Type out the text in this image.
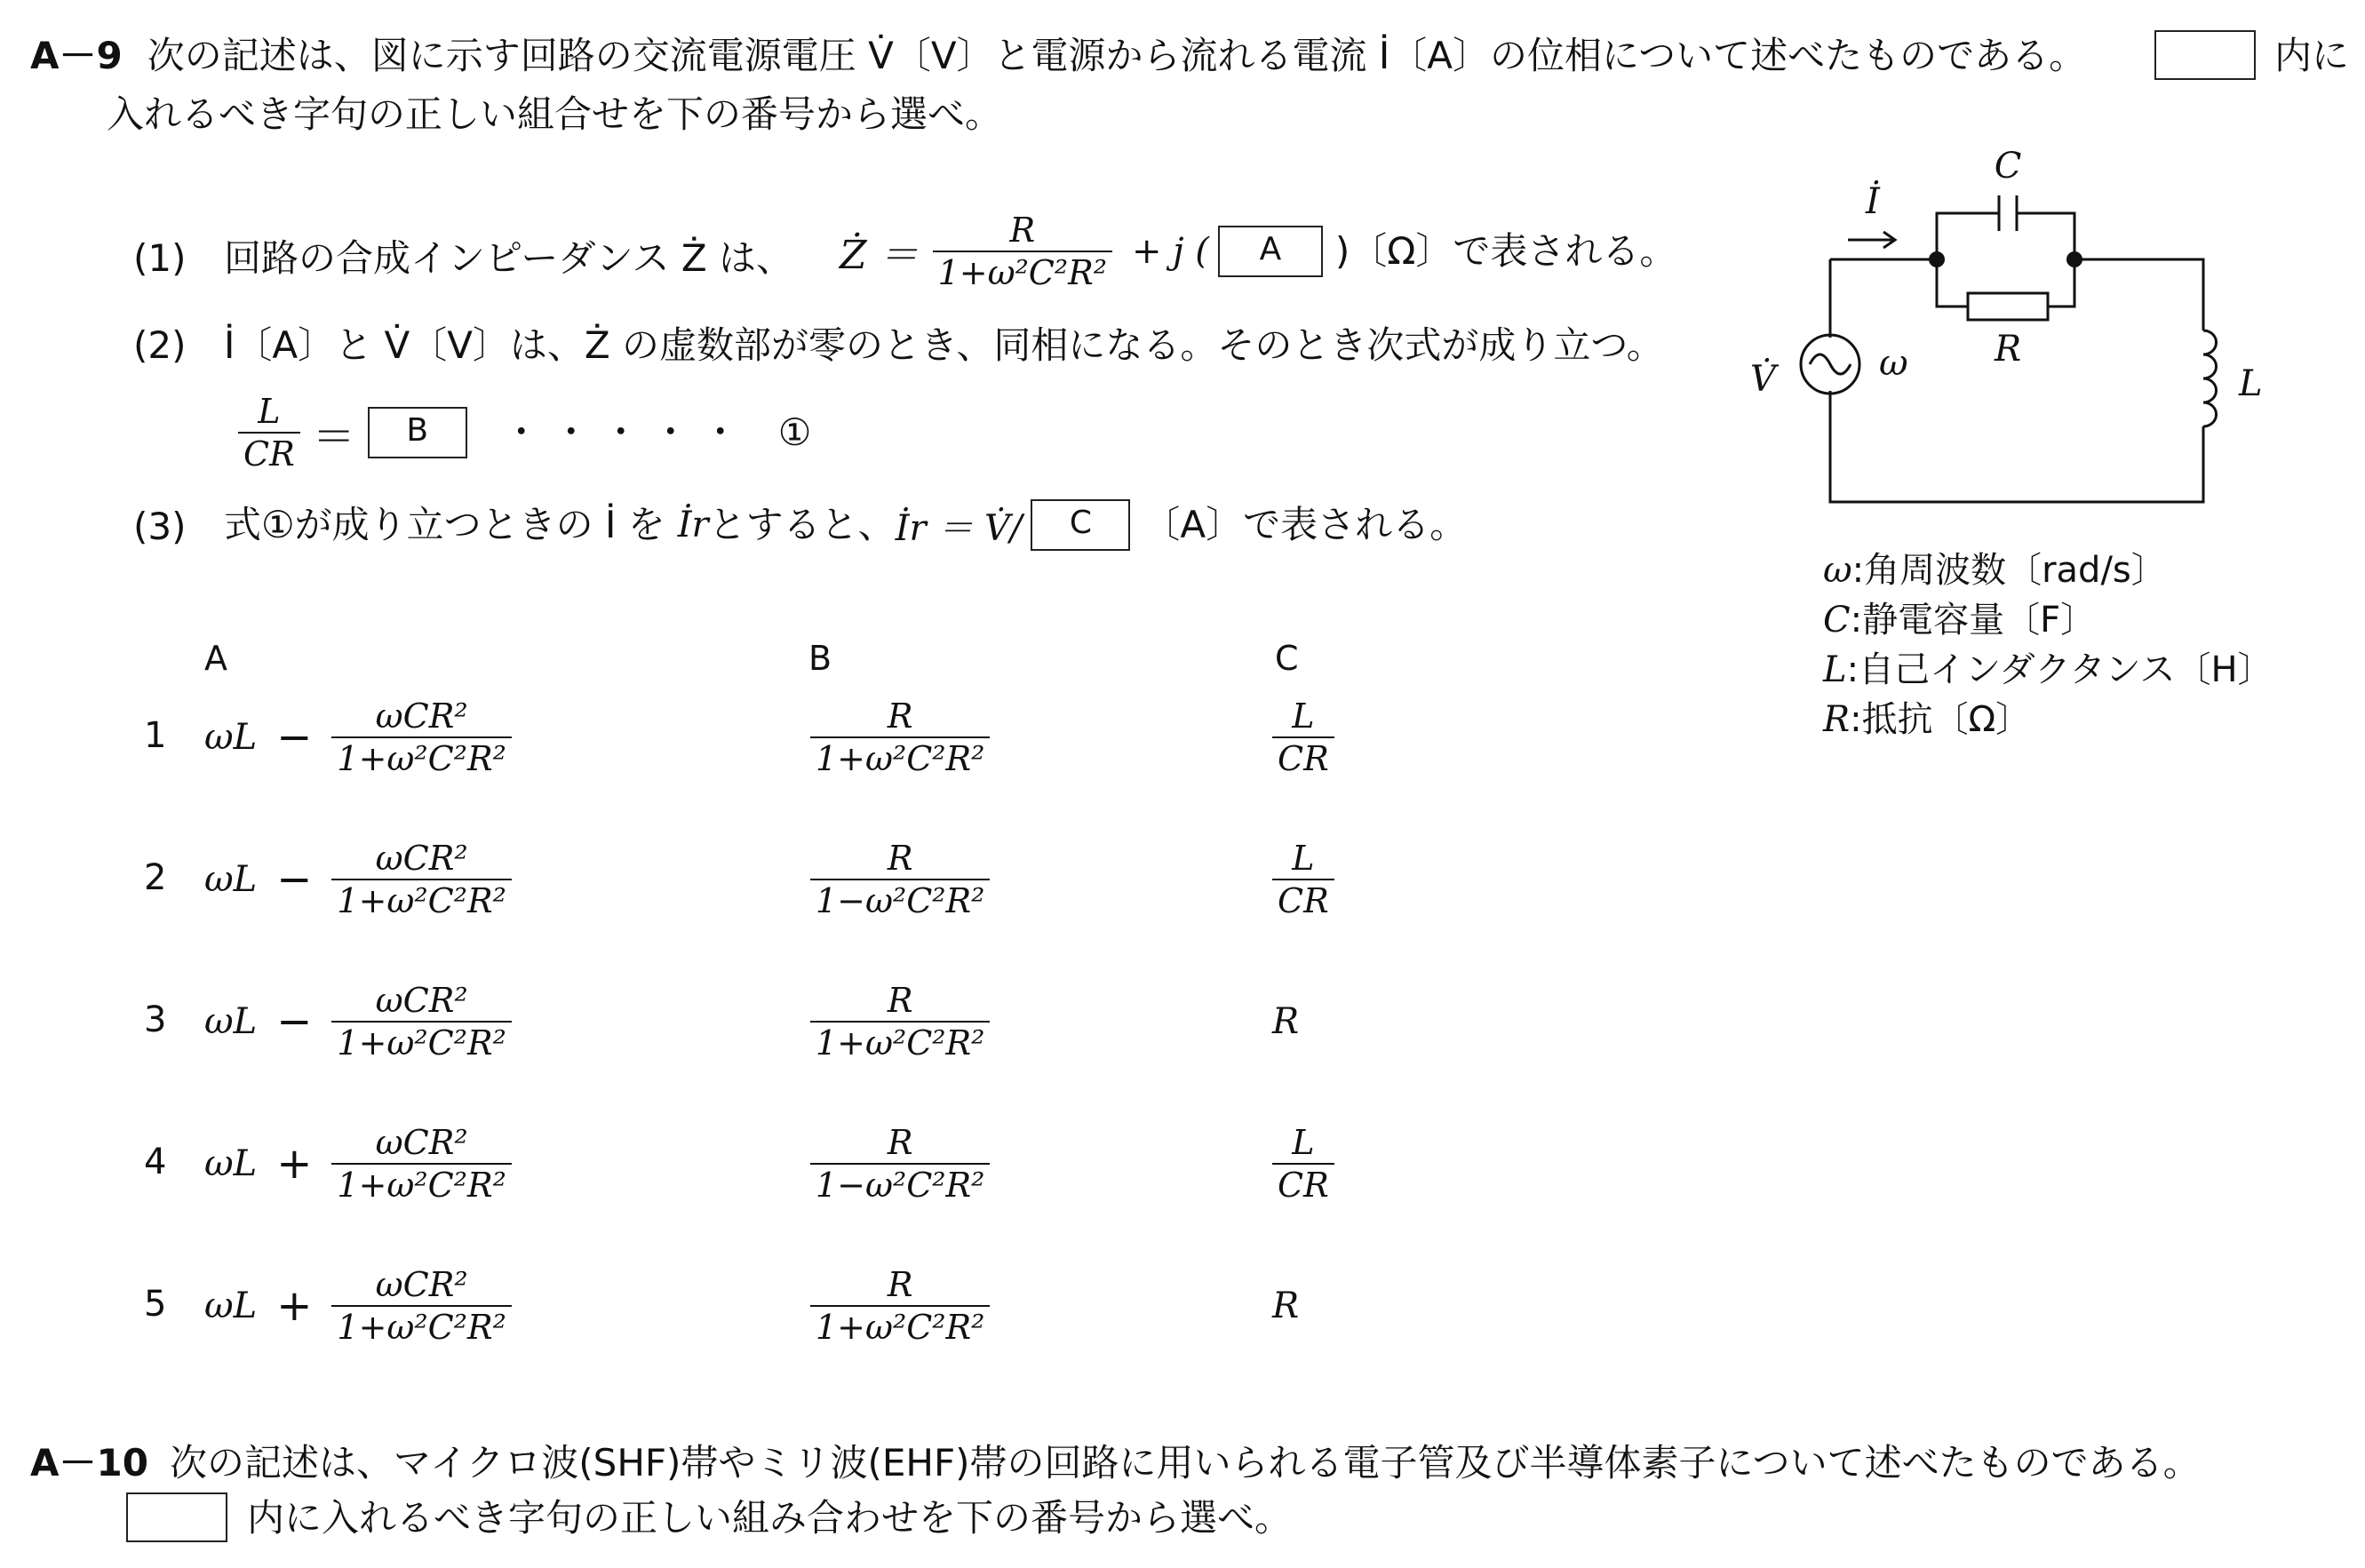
A－9 次の記述は、図に示す回路の交流電源電圧 V̇〔V〕と電源から流れる電流 İ〔A〕の位相について述べたものである。	内に
入れるべき字句の正しい組合せを下の番号から選べ。
(1) 回路の合成インピーダンス Ż は、 Ż ＝ $\frac{R}{\text{1+ω²C²R²}} + j$ (	A	)〔Ω〕で表される。
(2) İ〔A〕と V̇〔V〕は、Ż の虚数部が零のとき、同相になる。そのとき次式が成り立つ。
$\frac{L}{CR}$ ＝	B	・・・・・ ①
(3) 式①が成り立つときの İ を İr とすると、 İr ＝ V̇/	C	〔A〕で表される。
A	B	C
1 $\omega L - \frac{\text{ωCR²}}{\text{1+ω²C²R²}}$	$\frac{R}{\text{1+ω²C²R²}}$	$\frac{L}{CR}$
2 $\omega L - \frac{\text{ωCR²}}{\text{1+ω²C²R²}}$	$\frac{R}{\text{1−ω²C²R²}}$	$\frac{L}{CR}$
3 $\omega L - \frac{\text{ωCR²}}{\text{1+ω²C²R²}}$	$\frac{R}{\text{1+ω²C²R²}}$	R
4 $\omega L + \frac{\text{ωCR²}}{\text{1+ω²C²R²}}$	$\frac{R}{\text{1−ω²C²R²}}$	$\frac{L}{CR}$
5 $\omega L + \frac{\text{ωCR²}}{\text{1+ω²C²R²}}$	$\frac{R}{\text{1+ω²C²R²}}$	R
C
R
L
İ
V̇	ω
ω:角周波数〔rad/s〕
C:静電容量〔F〕
L:自己インダクタンス〔H〕
R:抵抗〔Ω〕
A－10 次の記述は、マイクロ波(SHF)帯やミリ波(EHF)帯の回路に用いられる電子管及び半導体素子について述べたものである。
内に入れるべき字句の正しい組み合わせを下の番号から選べ。
